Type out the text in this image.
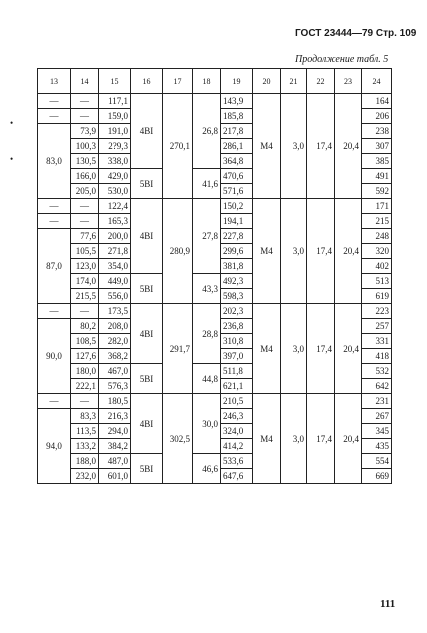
ГОСТ 23444—79 Стр. 109
Продолжение табл. 5
13	14	15	16	17	18	19	20	21	22	23	24
—	—	117,1	4BI	270,1	26,8	143,9	M4	3,0	17,4	20,4	164
—	—	159,0				185,8					206
83,0	73,9	191,0				217,8					238
	100,3	2?9,3				286,1					307
	130,5	338,0				364,8					385
	166,0	429,0	5BI		41,6	470,6					491
	205,0	530,0				571,6					592
—	—	122,4	4BI	280,9	27,8	150,2	M4	3,0	17,4	20,4	171
—	—	165,3				194,1					215
87,0	77,6	200,0				227,8					248
	105,5	271,8				299,6					320
	123,0	354,0				381,8					402
	174,0	449,0	5BI		43,3	492,3					513
	215,5	556,0				598,3					619
—	—	173,5	4BI	291,7	28,8	202,3	M4	3,0	17,4	20,4	223
90,0	80,2	208,0				236,8					257
	108,5	282,0				310,8					331
	127,6	368,2				397,0					418
	180,0	467,0	5BI		44,8	511,8					532
	222,1	576,3				621,1					642
—	—	180,5	4BI	302,5	30,0	210,5	M4	3,0	17,4	20,4	231
94,0	83,3	216,3				246,3					267
	113,5	294,0				324,0					345
	133,2	384,2				414,2					435
	188,0	487,0	5BI		46,6	533,6					554
	232,0	601,0				647,6					669
111
•
•
